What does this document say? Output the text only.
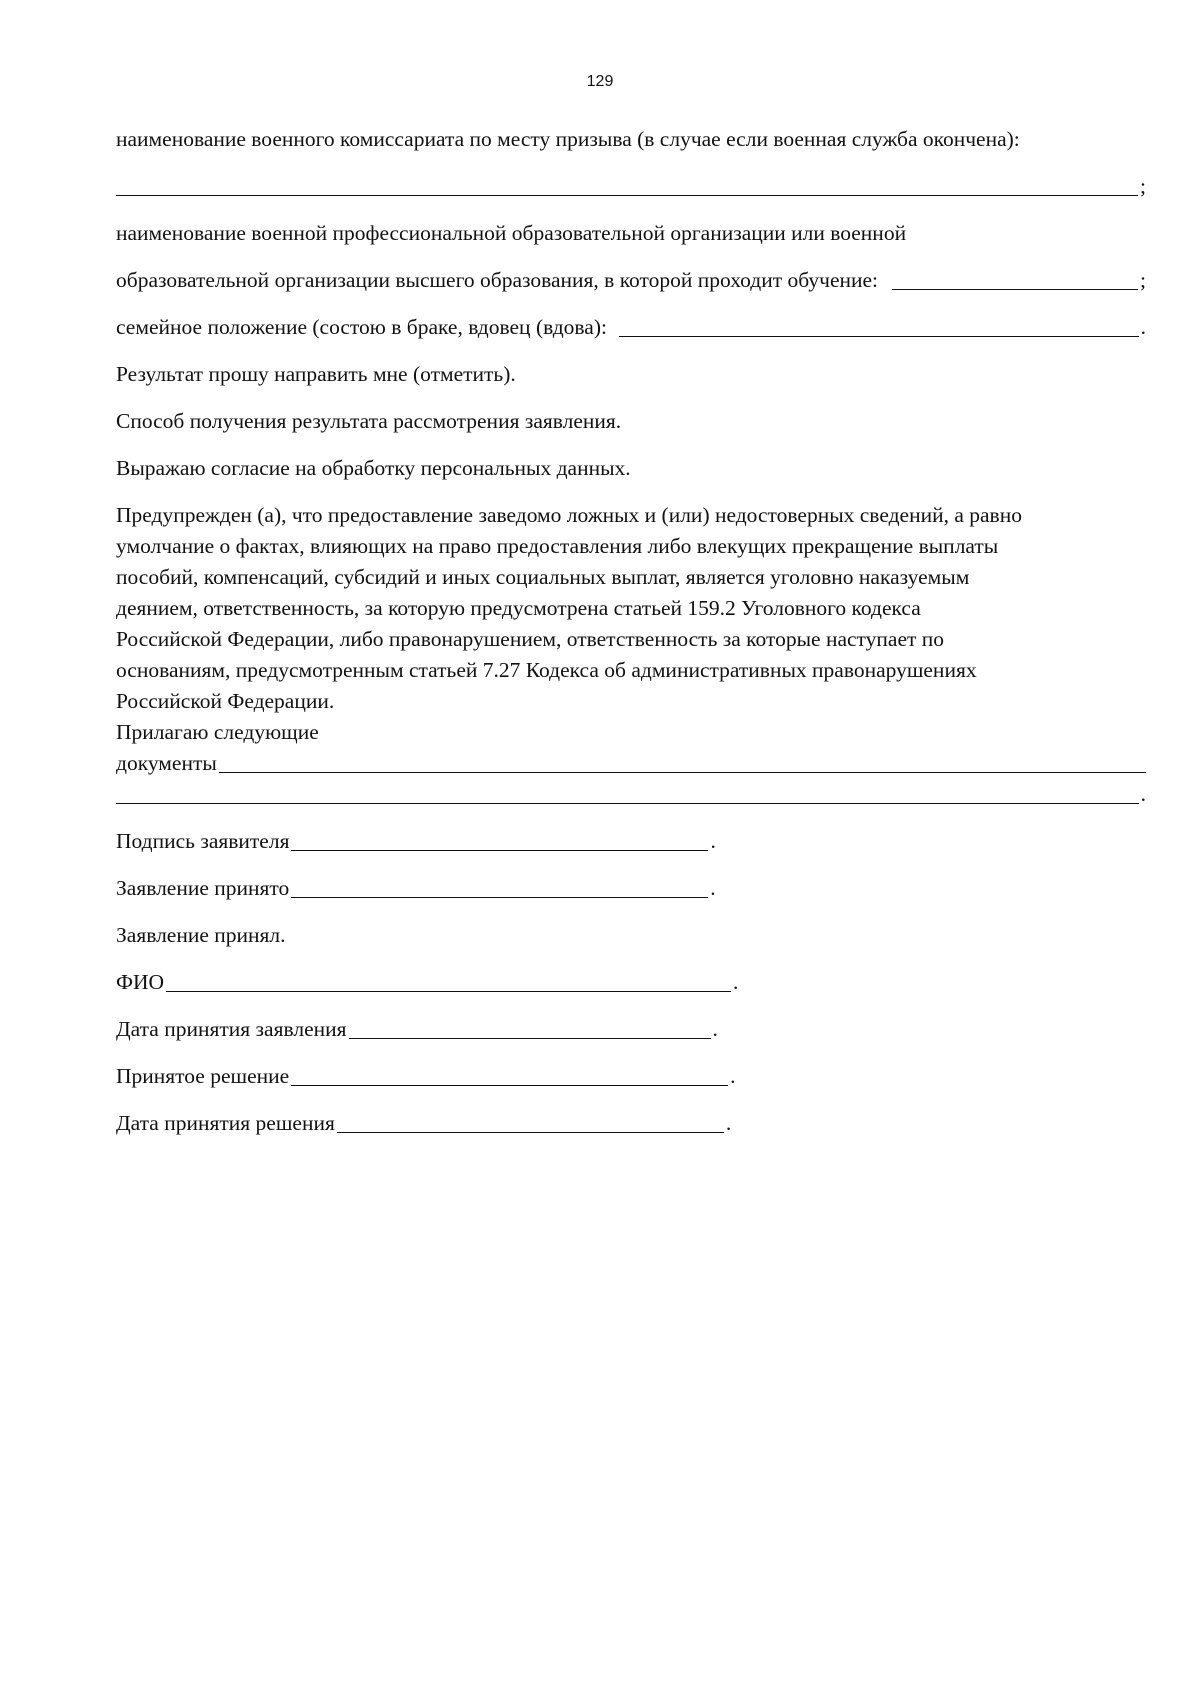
129
наименование военного комиссариата по месту призыва (в случае если военная служба окончена):
;
наименование военной профессиональной образовательной организации или военной
образовательной организации высшего образования, в которой проходит обучение:	;
семейное положение (состою в браке, вдовец (вдова):	.
Результат прошу направить мне (отметить).
Способ получения результата рассмотрения заявления.
Выражаю согласие на обработку персональных данных.
Предупрежден (а), что предоставление заведомо ложных и (или) недостоверных сведений, а равно
умолчание о фактах, влияющих на право предоставления либо влекущих прекращение выплаты
пособий, компенсаций, субсидий и иных социальных выплат, является уголовно наказуемым
деянием, ответственность, за которую предусмотрена статьей 159.2 Уголовного кодекса
Российской Федерации, либо правонарушением, ответственность за которые наступает по
основаниям, предусмотренным статьей 7.27 Кодекса об административных правонарушениях
Российской Федерации.
Прилагаю следующие
документы
.
Подпись заявителя	.
Заявление принято	.
Заявление принял.
ФИО	.
Дата принятия заявления	.
Принятое решение	.
Дата принятия решения	.
